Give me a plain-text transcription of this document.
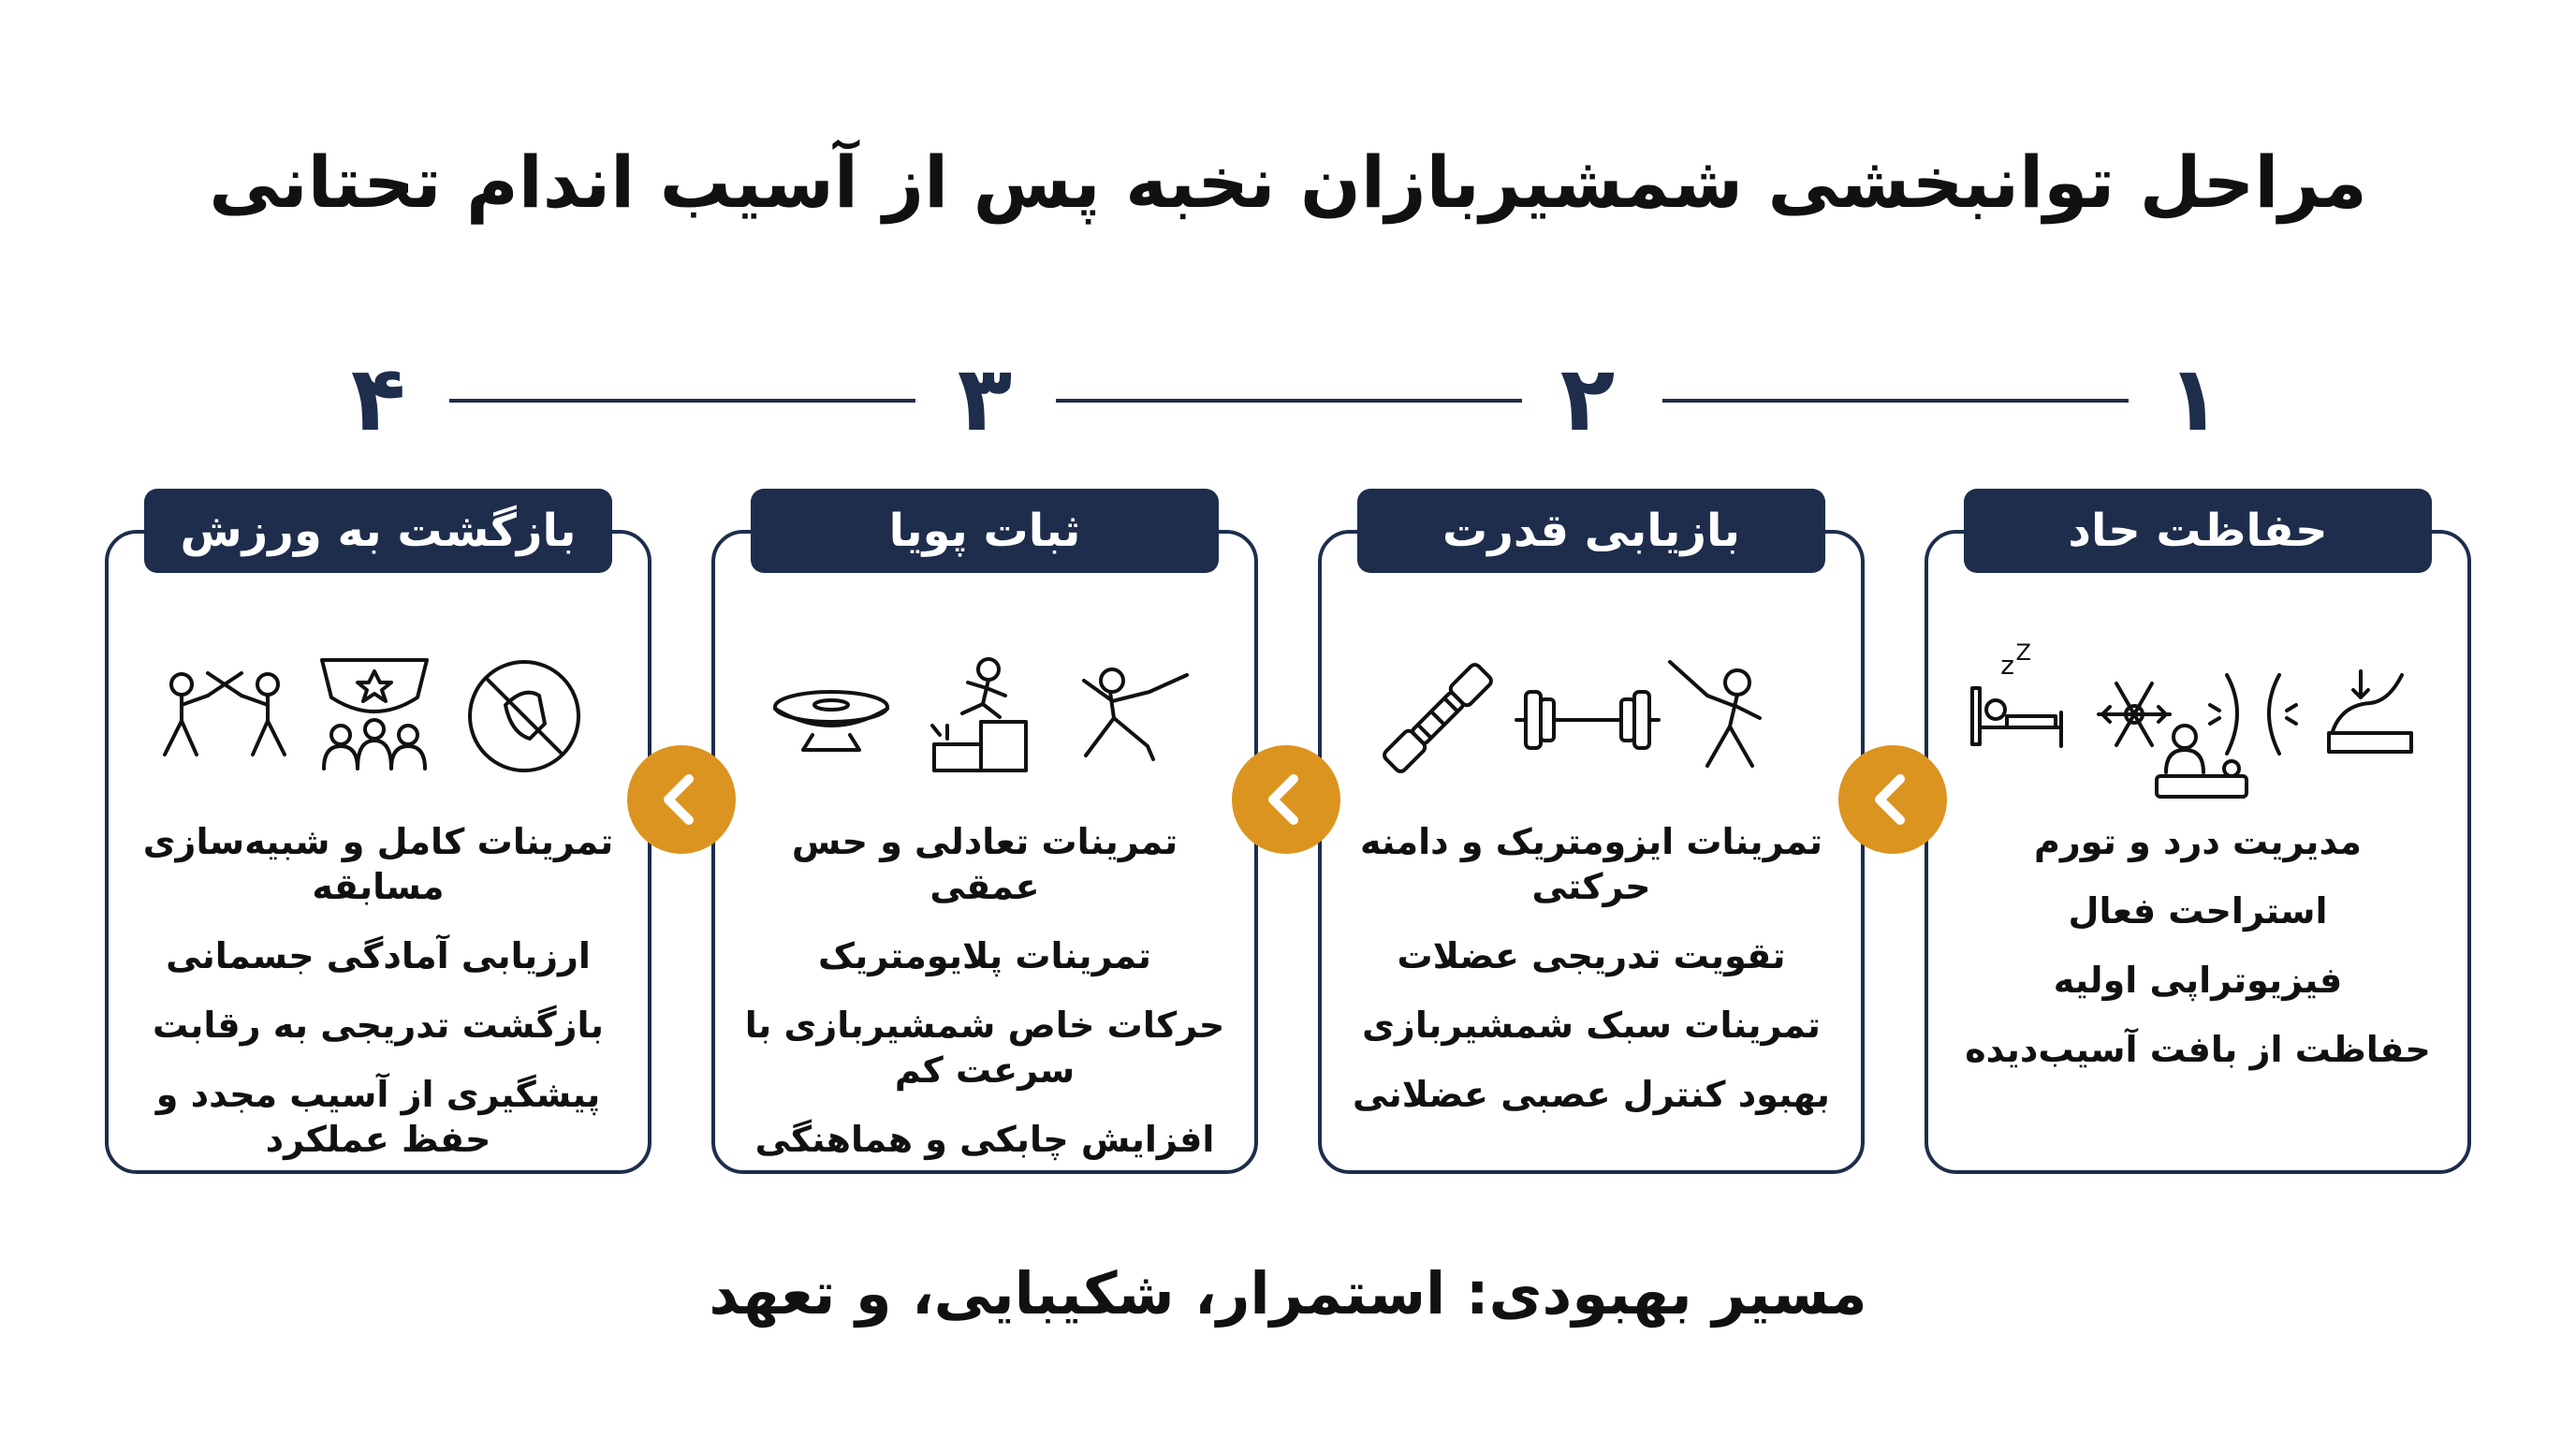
مراحل توانبخشی شمشیربازان نخبه پس از آسیب اندام تحتانی
۱
۲
۳
۴
z Z
مدیریت درد و تورم
استراحت فعال
فیزیوتراپی اولیه
حفاظت از بافت آسیب‌دیده
حفاظت حاد
تمرینات ایزومتریک و دامنه حرکتی
تقویت تدریجی عضلات
تمرینات سبک شمشیربازی
بهبود کنترل عصبی عضلانی
بازیابی قدرت
تمرینات تعادلی و حس عمقی
تمرینات پلایومتریک
حرکات خاص شمشیربازی با سرعت کم
افزایش چابکی و هماهنگی
ثبات پویا
تمرینات کامل و شبیه‌سازی مسابقه
ارزیابی آمادگی جسمانی
بازگشت تدریجی به رقابت
پیشگیری از آسیب مجدد و حفظ عملکرد
بازگشت به ورزش
مسیر بهبودی: استمرار، شکیبایی، و تعهد
